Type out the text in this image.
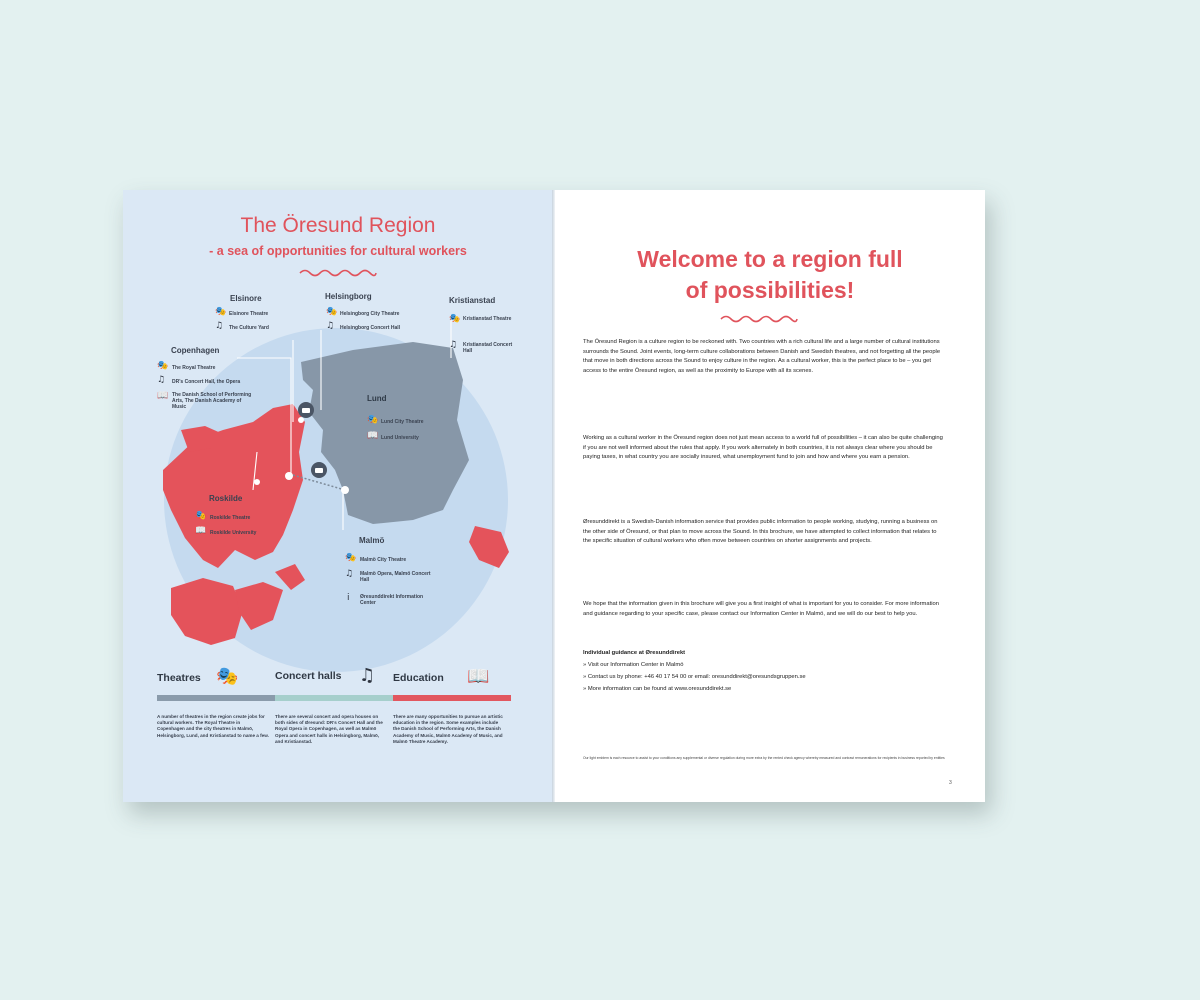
The Öresund Region
- a sea of opportunities for cultural workers
Elsinore
🎭 Elsinore Theatre
♫ The Culture Yard
Helsingborg
🎭 Helsingborg City Theatre
♫ Helsingborg Concert Hall
Kristianstad
🎭 Kristianstad Theatre
♫ Kristianstad Concert Hall
Copenhagen
🎭 The Royal Theatre
♫ DR's Concert Hall, the Opera
📖 The Danish School of Performing Arts, The Danish Academy of Music
Lund
🎭 Lund City Theatre
📖 Lund University
Roskilde
🎭 Roskilde Theatre
📖 Roskilde University
Malmö
🎭 Malmö City Theatre
♫ Malmö Opera, Malmö Concert Hall
ⅰ Øresunddirekt Information Center
Theatres 🎭
A number of theatres in the region create jobs for cultural workers. The Royal Theatre in Copenhagen and the city theatres in Malmö, Helsingborg, Lund, and Kristianstad to name a few.
Concert halls ♫
There are several concert and opera houses on both sides of Øresund: DR's Concert Hall and the Royal Opera in Copenhagen, as well as Malmö Opera and concert halls in Helsingborg, Malmö, and Kristianstad.
Education 📖
There are many opportunities to pursue an artistic education in the region. Some examples include the Danish School of Performing Arts, the Danish Academy of Music, Malmö Academy of Music, and Malmö Theatre Academy.
Welcome to a region full
of possibilities!
The Öresund Region is a culture region to be reckoned with. Two countries with a rich cultural life and a large number of cultural institutions surrounds the Sound. Joint events, long-term culture collaborations between Danish and Swedish theatres, and not forgetting all the people that move in both directions across the Sound to enjoy culture in the region. As a cultural worker, this is the perfect place to be – you get access to the entire Öresund region, as well as the proximity to Europe with all its scenes.
Working as a cultural worker in the Öresund region does not just mean access to a world full of possibilities – it can also be quite challenging if you are not well informed about the rules that apply. If you work alternately in both countries, it is not always clear where you should be paying taxes, in what country you are socially insured, what unemployment fund to join and how and where you earn a pension.
Øresunddirekt is a Swedish-Danish information service that provides public information to people working, studying, running a business on the other side of Öresund, or that plan to move across the Sound. In this brochure, we have attempted to collect information that relates to the specific situation of cultural workers who often move between countries on shorter assignments and projects.
We hope that the information given in this brochure will give you a first insight of what is important for you to consider. For more information and guidance regarding to your specific case, please contact our Information Center in Malmö, and we will do our best to help you.
Individual guidance at Øresunddirekt
» Visit our Information Center in Malmö
» Contact us by phone: +46 40 17 54 00 or email: oresunddirekt@oresundsgruppen.se
» More information can be found at www.oresunddirekt.se
Our light emblem is each resource to assist to your conditions any supplemental or diverse regulation during more extra by the rented check agency whereby measured and contrast remunerations for recipients in business reported by entities
3
